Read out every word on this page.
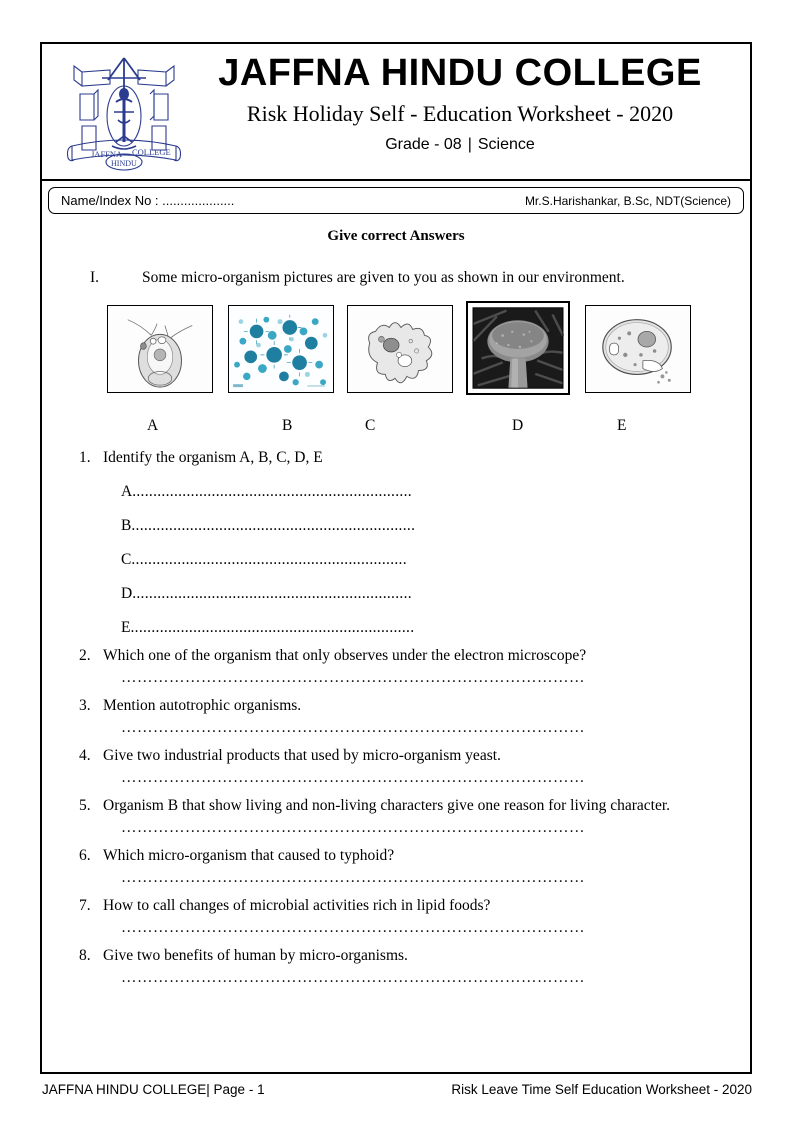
JAFFNA COLLEGE
HINDU
JAFFNA HINDU COLLEGE
Risk Holiday Self - Education Worksheet - 2020
Grade - 08 | Science
Name/Index No : ....................	Mr.S.Harishankar, B.Sc, NDT(Science)
Give correct Answers
I.	Some micro-organism pictures are given to you as shown in our environment.
A	B	C	D	E
1. Identify the organism A, B, C, D, E
A ...................................................................
B ....................................................................
C ..................................................................
D ...................................................................
E ....................................................................
2. Which one of the organism that only observes under the electron microscope?
……………………………………………………………………………
3. Mention autotrophic organisms.
……………………………………………………………………………
4. Give two industrial products that used by micro-organism yeast.
……………………………………………………………………………
5. Organism B that show living and non-living characters give one reason for living character.
……………………………………………………………………………
6. Which micro-organism that caused to typhoid?
……………………………………………………………………………
7. How to call changes of microbial activities rich in lipid foods?
……………………………………………………………………………
8. Give two benefits of human by micro-organisms.
……………………………………………………………………………
JAFFNA HINDU COLLEGE| Page - 1	Risk Leave Time Self Education Worksheet - 2020
